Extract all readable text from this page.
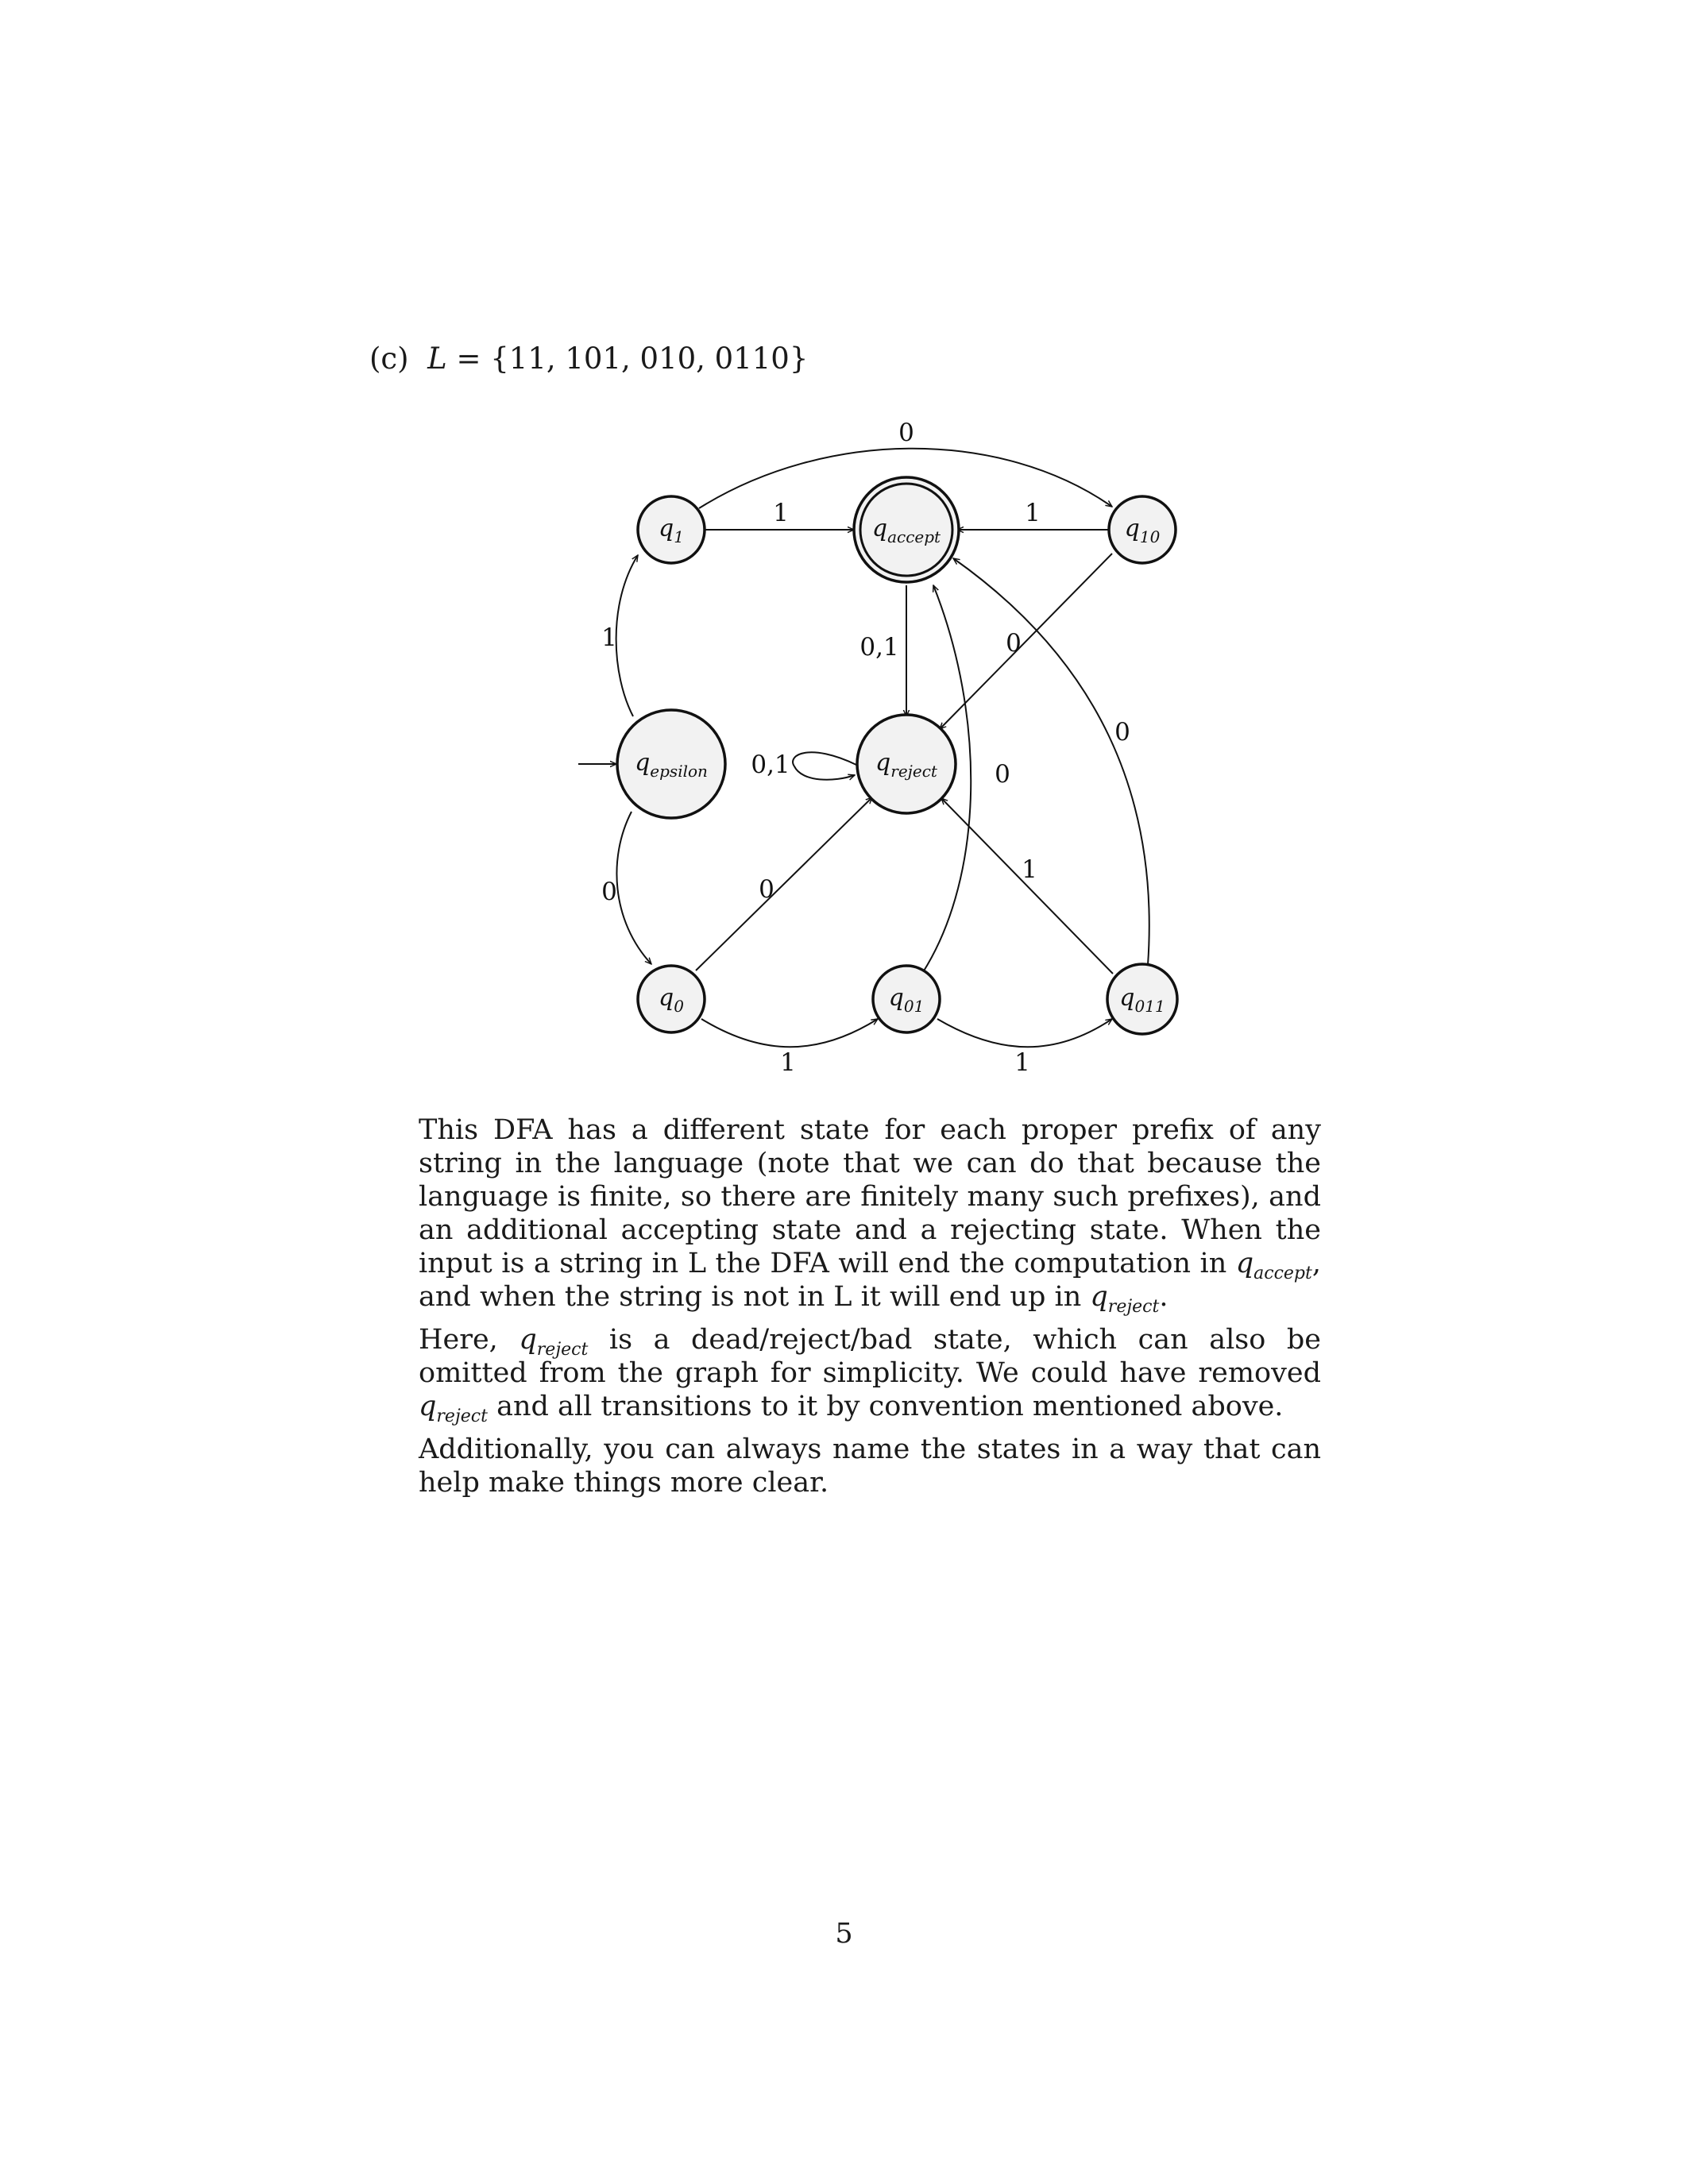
(c) L = {11, 101, 010, 0110}
1
0
1
0
1
0
0,1
0,1
0
1
0
1
1
0
qepsilon
q1	qaccept	q10
qreject
q0	q01	q011

This DFA has a different state for each proper prefix of any string in the language (note that we can do that because the language is finite, so there are finitely many such prefixes), and an additional accepting state and a rejecting state. When the input is a string in L the DFA will end the computation in $q_{accept}$, and when the string is not in L it will end up in $q_{reject}$.

Here, $q_{reject}$ is a dead/reject/bad state, which can also be omitted from the graph for simplicity. We could have removed $q_{reject}$ and all transitions to it by convention mentioned above.

Additionally, you can always name the states in a way that can help make things more clear.

5
